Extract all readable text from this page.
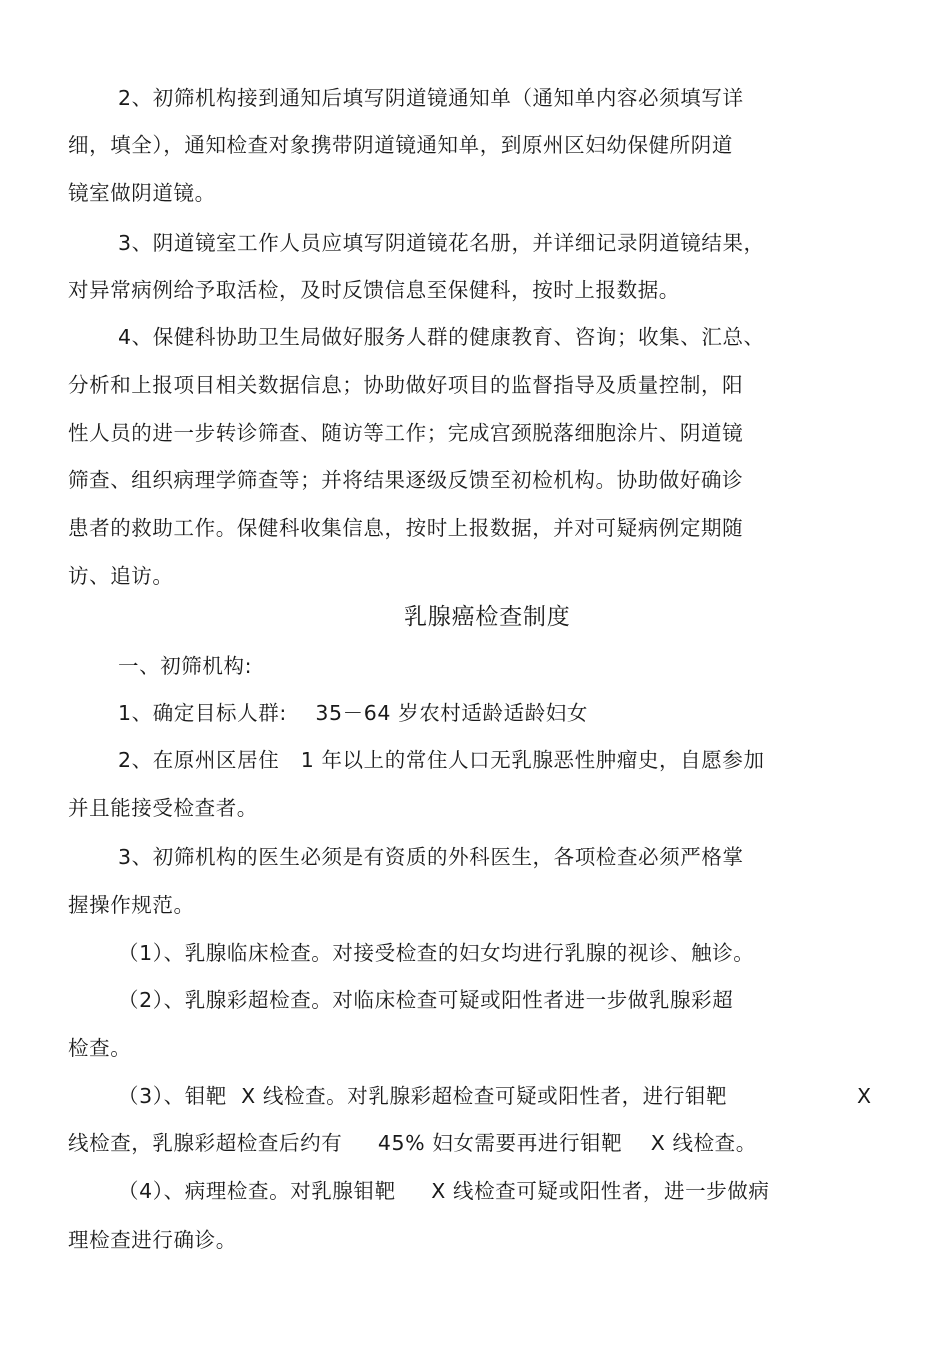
2、初筛机构接到通知后填写阴道镜通知单（通知单内容必须填写详
细，填全），通知检查对象携带阴道镜通知单，到原州区妇幼保健所阴道
镜室做阴道镜。
3、阴道镜室工作人员应填写阴道镜花名册，并详细记录阴道镜结果，
对异常病例给予取活检，及时反馈信息至保健科，按时上报数据。
4、保健科协助卫生局做好服务人群的健康教育、咨询；收集、汇总、
分析和上报项目相关数据信息；协助做好项目的监督指导及质量控制，阳
性人员的进一步转诊筛查、随访等工作；完成宫颈脱落细胞涂片、阴道镜
筛查、组织病理学筛查等；并将结果逐级反馈至初检机构。协助做好确诊
患者的救助工作。保健科收集信息，按时上报数据，并对可疑病例定期随
访、追访。
乳腺癌检查制度
一、初筛机构:
1、确定目标人群:    35－64 岁农村适龄适龄妇女
2、在原州区居住   1 年以上的常住人口无乳腺恶性肿瘤史，自愿参加
并且能接受检查者。
3、初筛机构的医生必须是有资质的外科医生，各项检查必须严格掌
握操作规范。
（1）、乳腺临床检查。对接受检查的妇女均进行乳腺的视诊、触诊。
（2）、乳腺彩超检查。对临床检查可疑或阳性者进一步做乳腺彩超
检查。
（3）、钼靶  X 线检查。对乳腺彩超检查可疑或阳性者，进行钼靶	X
线检查，乳腺彩超检查后约有     45% 妇女需要再进行钼靶    X 线检查。
（4）、病理检查。对乳腺钼靶     X 线检查可疑或阳性者，进一步做病
理检查进行确诊。
